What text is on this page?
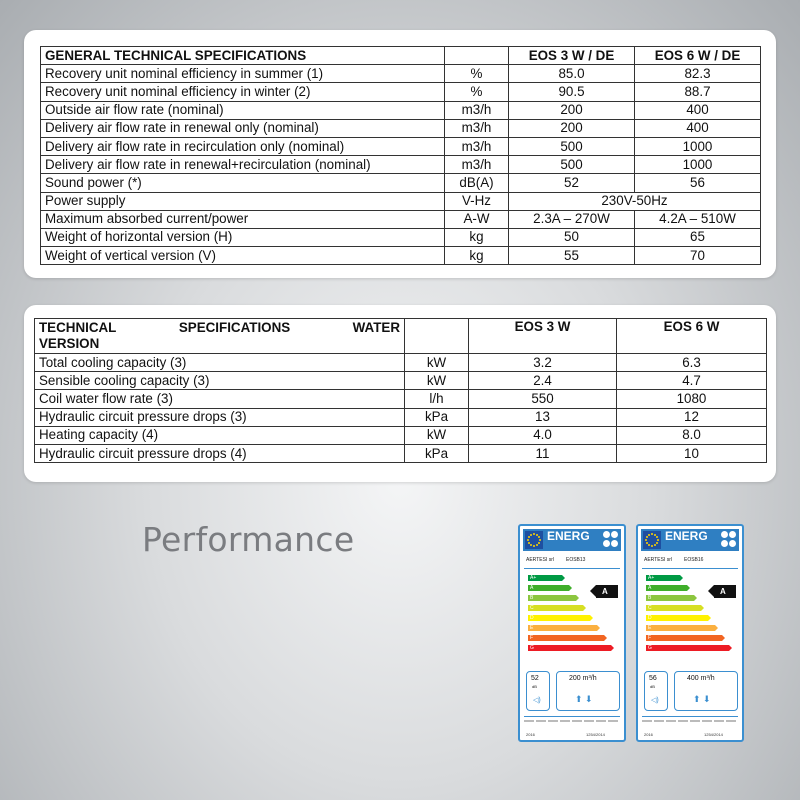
GENERAL TECHNICAL SPECIFICATIONS		EOS 3 W / DE	EOS 6 W / DE
Recovery unit nominal efficiency in summer (1)	%	85.0	82.3
Recovery unit nominal efficiency in winter (2)	%	90.5	88.7
Outside air flow rate (nominal)	m3/h	200	400
Delivery air flow rate in renewal only (nominal)	m3/h	200	400
Delivery air flow rate in recirculation only (nominal)	m3/h	500	1000
Delivery air flow rate in renewal+recirculation (nominal)	m3/h	500	1000
Sound power (*)	dB(A)	52	56
Power supply	V-Hz	230V-50Hz	
Maximum absorbed current/power	A-W	2.3A – 270W	4.2A – 510W
Weight of horizontal version (H)	kg	50	65
Weight of vertical version (V)	kg	55	70
TECHNICAL SPECIFICATIONS WATER
VERSION		EOS 3 W	EOS 6 W
Total cooling capacity (3)	kW	3.2	6.3
Sensible cooling capacity (3)	kW	2.4	4.7
Coil water flow rate (3)	l/h	550	1080
Hydraulic circuit pressure drops (3)	kPa	13	12
Heating capacity (4)	kW	4.0	8.0
Hydraulic circuit pressure drops (4)	kPa	11	10
Performance	ENERG
AERTESI srl EOSB13
A+
A
B
C
D
E
F
G
A
52
dB
◁)
200 m³/h
⬆ ⬇
2016	1254/2014
ENERG
AERTESI srl EOSB16
A+
A
B
C
D
E
F
G
A
56
dB
◁)
400 m³/h
⬆ ⬇
2016	1254/2014
